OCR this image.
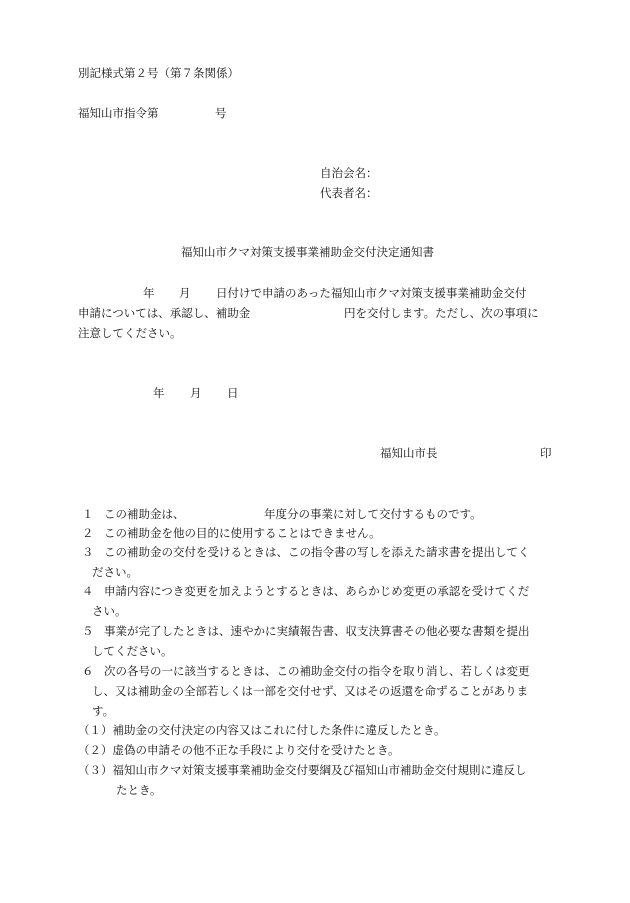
別記様式第２号（第７条関係）
福知山市指令第	号
自治会名：
代表者名：
福知山市クマ対策支援事業補助金交付決定通知書
年 月 日付けで申請のあった福知山市クマ対策支援事業補助金交付
申請については、承認し、補助金	円を交付します。ただし、次の事項に
注意してください。
年 月 日
福知山市長	印
１ この補助金は、	年度分の事業に対して交付するものです。
２ この補助金を他の目的に使用することはできません。
３ この補助金の交付を受けるときは、この指令書の写しを添えた請求書を提出してく
ださい。
４ 申請内容につき変更を加えようとするときは、あらかじめ変更の承認を受けてくだ
さい。
５ 事業が完了したときは、速やかに実績報告書、収支決算書その他必要な書類を提出
してください。
６ 次の各号の一に該当するときは、この補助金交付の指令を取り消し、若しくは変更
し、又は補助金の全部若しくは一部を交付せず、又はその返還を命ずることがありま
す。
（１）補助金の交付決定の内容又はこれに付した条件に違反したとき。
（２）虚偽の申請その他不正な手段により交付を受けたとき。
（３）福知山市クマ対策支援事業補助金交付要綱及び福知山市補助金交付規則に違反し
たとき。
